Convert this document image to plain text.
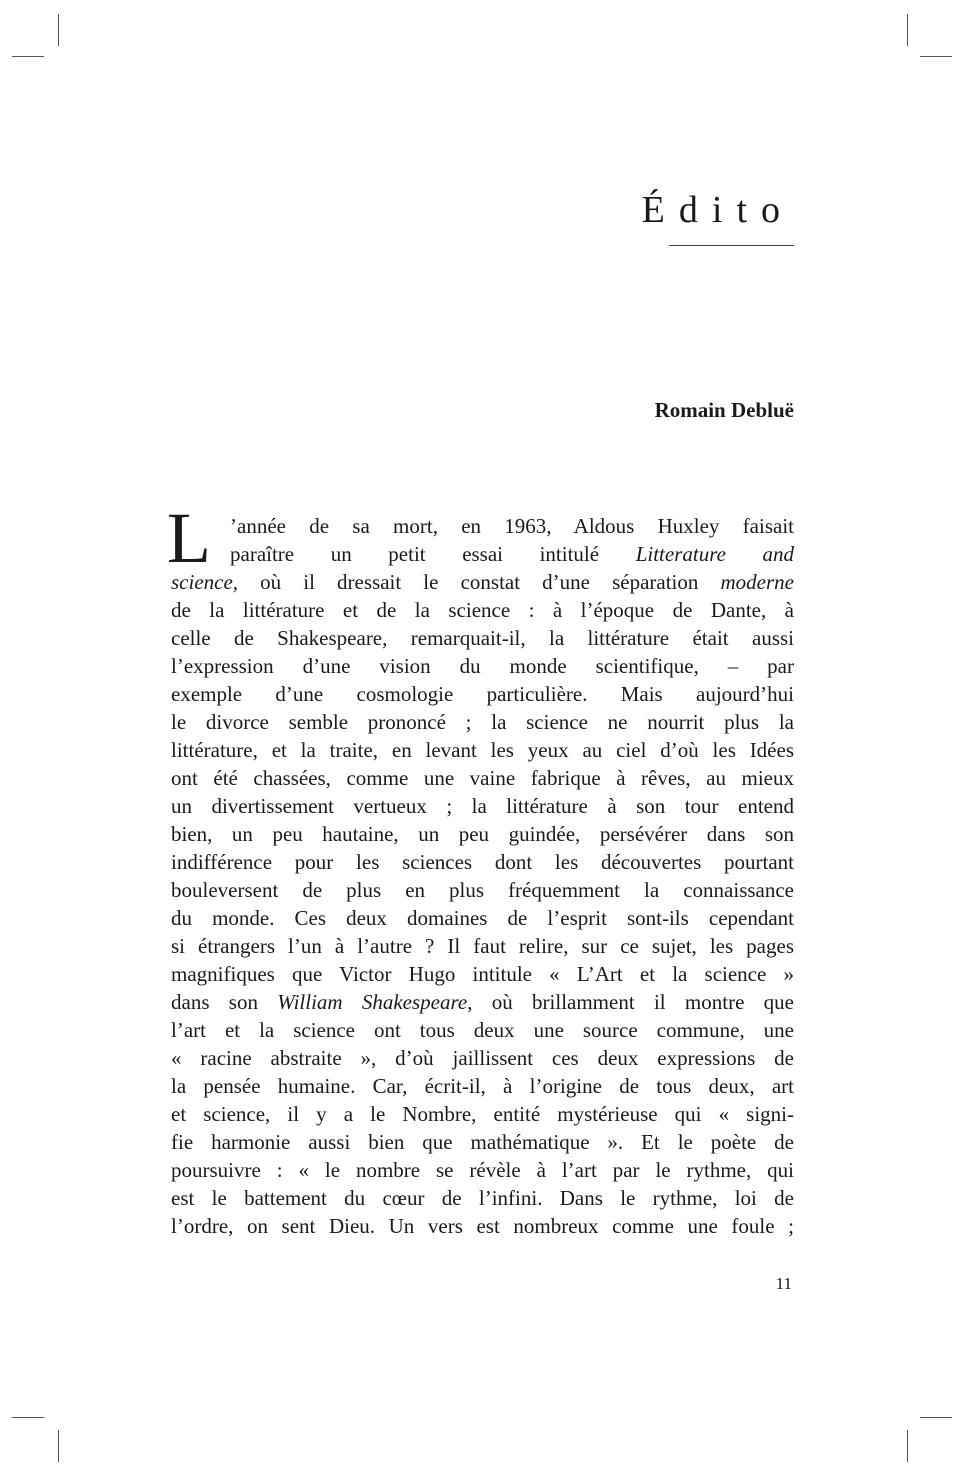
Édito

Romain Debluë

L ’année de sa mort, en 1963, Aldous Huxley faisait
paraître un petit essai intitulé Litterature and
science, où il dressait le constat d’une séparation moderne
de la littérature et de la science : à l’époque de Dante, à
celle de Shakespeare, remarquait-il, la littérature était aussi
l’expression d’une vision du monde scientifique, – par
exemple d’une cosmologie particulière. Mais aujourd’hui
le divorce semble prononcé ; la science ne nourrit plus la
littérature, et la traite, en levant les yeux au ciel d’où les Idées
ont été chassées, comme une vaine fabrique à rêves, au mieux
un divertissement vertueux ; la littérature à son tour entend
bien, un peu hautaine, un peu guindée, persévérer dans son
indifférence pour les sciences dont les découvertes pourtant
bouleversent de plus en plus fréquemment la connaissance
du monde. Ces deux domaines de l’esprit sont-ils cependant
si étrangers l’un à l’autre ? Il faut relire, sur ce sujet, les pages
magnifiques que Victor Hugo intitule « L’Art et la science »
dans son William Shakespeare, où brillamment il montre que
l’art et la science ont tous deux une source commune, une
« racine abstraite », d’où jaillissent ces deux expressions de
la pensée humaine. Car, écrit-il, à l’origine de tous deux, art
et science, il y a le Nombre, entité mystérieuse qui « signi-
fie harmonie aussi bien que mathématique ». Et le poète de
poursuivre : « le nombre se révèle à l’art par le rythme, qui
est le battement du cœur de l’infini. Dans le rythme, loi de
l’ordre, on sent Dieu. Un vers est nombreux comme une foule ;

11
